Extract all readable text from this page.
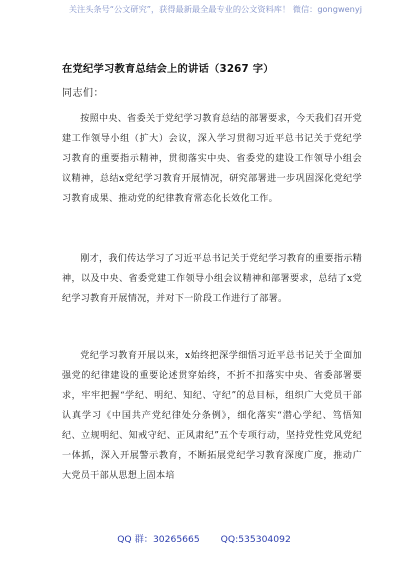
关注头条号“公文研究”，获得最新最全最专业的公文资料库！ 微信：gongwenyj
在党纪学习教育总结会上的讲话（3267 字）
同志们：

按照中央、省委关于党纪学习教育总结的部署要求，今天我们召开党建工作领导小组（扩大）会议，深入学习贯彻习近平总书记关于党纪学习教育的重要指示精神，贯彻落实中央、省委党的建设工作领导小组会议精神，总结x党纪学习教育开展情况，研究部署进一步巩固深化党纪学习教育成果、推动党的纪律教育常态化长效化工作。

刚才，我们传达学习了习近平总书记关于党纪学习教育的重要指示精神，以及中央、省委党建工作领导小组会议精神和部署要求，总结了x党纪学习教育开展情况，并对下一阶段工作进行了部署。

党纪学习教育开展以来，x始终把深学细悟习近平总书记关于全面加强党的纪律建设的重要论述贯穿始终，不折不扣落实中央、省委部署要求，牢牢把握“学纪、明纪、知纪、守纪”的总目标，组织广大党员干部认真学习《中国共产党纪律处分条例》，细化落实“潜心学纪、笃悟知纪、立规明纪、知戒守纪、正风肃纪”五个专项行动，坚持党性党风党纪一体抓，深入开展警示教育，不断拓展党纪学习教育深度广度，推动广大党员干部从思想上固本培

QQ 群：30265665 QQ:535304092
